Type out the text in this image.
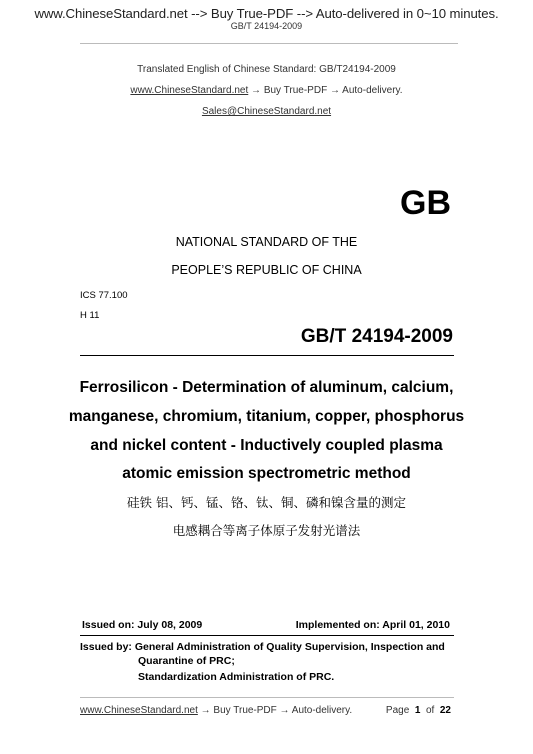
www.ChineseStandard.net --> Buy True-PDF --> Auto-delivered in 0~10 minutes.
GB/T 24194-2009
Translated English of Chinese Standard: GB/T24194-2009
www.ChineseStandard.net → Buy True-PDF → Auto-delivery.
Sales@ChineseStandard.net
GB
NATIONAL STANDARD OF THE
PEOPLE’S REPUBLIC OF CHINA
ICS 77.100
H 11
GB/T 24194-2009
Ferrosilicon - Determination of aluminum, calcium,
manganese, chromium, titanium, copper, phosphorus
and nickel content - Inductively coupled plasma
atomic emission spectrometric method
硅铁 铝、钙、锰、铬、钛、铜、磷和镍含量的测定
电感耦合等离子体原子发射光谱法
Issued on: July 08, 2009	Implemented on: April 01, 2010
Issued by: General Administration of Quality Supervision, Inspection and
Quarantine of PRC;
Standardization Administration of PRC.
www.ChineseStandard.net → Buy True-PDF → Auto-delivery.	Page 1 of 22
